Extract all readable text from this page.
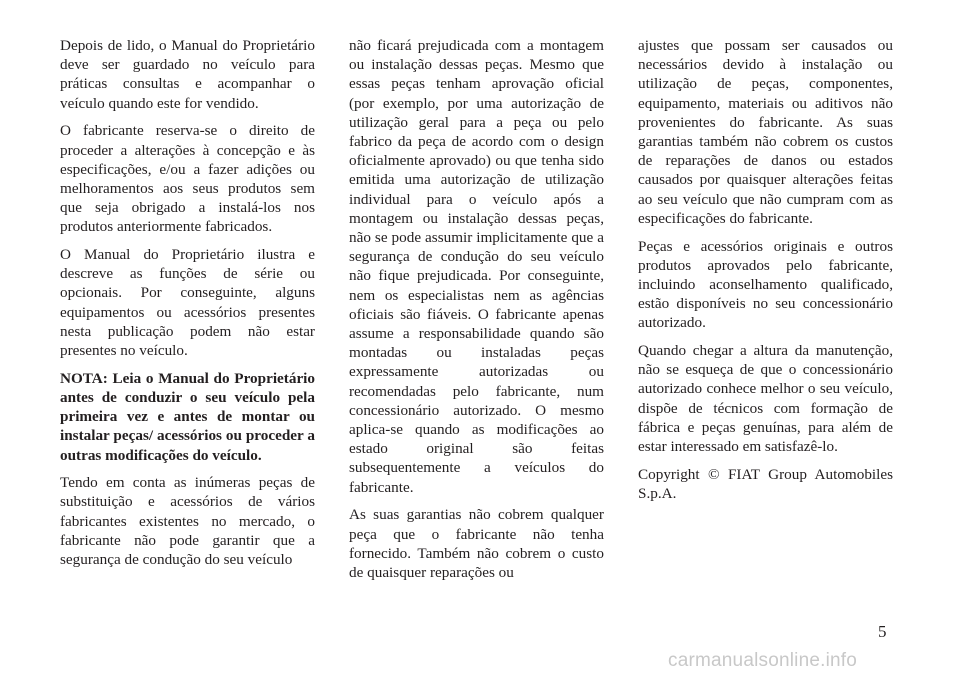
Depois de lido, o Manual do Proprietário deve ser guardado no veículo para práticas consultas e acompanhar o veículo quando este for vendido.

O fabricante reserva-se o direito de proceder a alterações à concepção e às especificações, e/ou a fazer adições ou melhoramentos aos seus produtos sem que seja obrigado a instalá-los nos produtos anteriormente fabricados.

O Manual do Proprietário ilustra e descreve as funções de série ou opcionais. Por conseguinte, alguns equipamentos ou acessórios presentes nesta publicação podem não estar presentes no veículo.

NOTA: Leia o Manual do Proprietário antes de conduzir o seu veículo pela primeira vez e antes de montar ou instalar peças/ acessórios ou proceder a outras modificações do veículo.

Tendo em conta as inúmeras peças de substituição e acessórios de vários fabricantes existentes no mercado, o fabricante não pode garantir que a segurança de condução do seu veículo

não ficará prejudicada com a montagem ou instalação dessas peças. Mesmo que essas peças tenham aprovação oficial (por exemplo, por uma autorização de utilização geral para a peça ou pelo fabrico da peça de acordo com o design oficialmente aprovado) ou que tenha sido emitida uma autorização de utilização individual para o veículo após a montagem ou instalação dessas peças, não se pode assumir implicitamente que a segurança de condução do seu veículo não fique prejudicada. Por conseguinte, nem os especialistas nem as agências oficiais são fiáveis. O fabricante apenas assume a responsabilidade quando são montadas ou instaladas peças expressamente autorizadas ou recomendadas pelo fabricante, num concessionário autorizado. O mesmo aplica-se quando as modificações ao estado original são feitas subsequentemente a veículos do fabricante.

As suas garantias não cobrem qualquer peça que o fabricante não tenha fornecido. Também não cobrem o custo de quaisquer reparações ou

ajustes que possam ser causados ou necessários devido à instalação ou utilização de peças, componentes, equipamento, materiais ou aditivos não provenientes do fabricante. As suas garantias também não cobrem os custos de reparações de danos ou estados causados por quaisquer alterações feitas ao seu veículo que não cumpram com as especificações do fabricante.

Peças e acessórios originais e outros produtos aprovados pelo fabricante, incluindo aconselhamento qualificado, estão disponíveis no seu concessionário autorizado.

Quando chegar a altura da manutenção, não se esqueça de que o concessionário autorizado conhece melhor o seu veículo, dispõe de técnicos com formação de fábrica e peças genuínas, para além de estar interessado em satisfazê-lo.

Copyright © FIAT Group Automobiles S.p.A.

5
carmanualsonline.info
